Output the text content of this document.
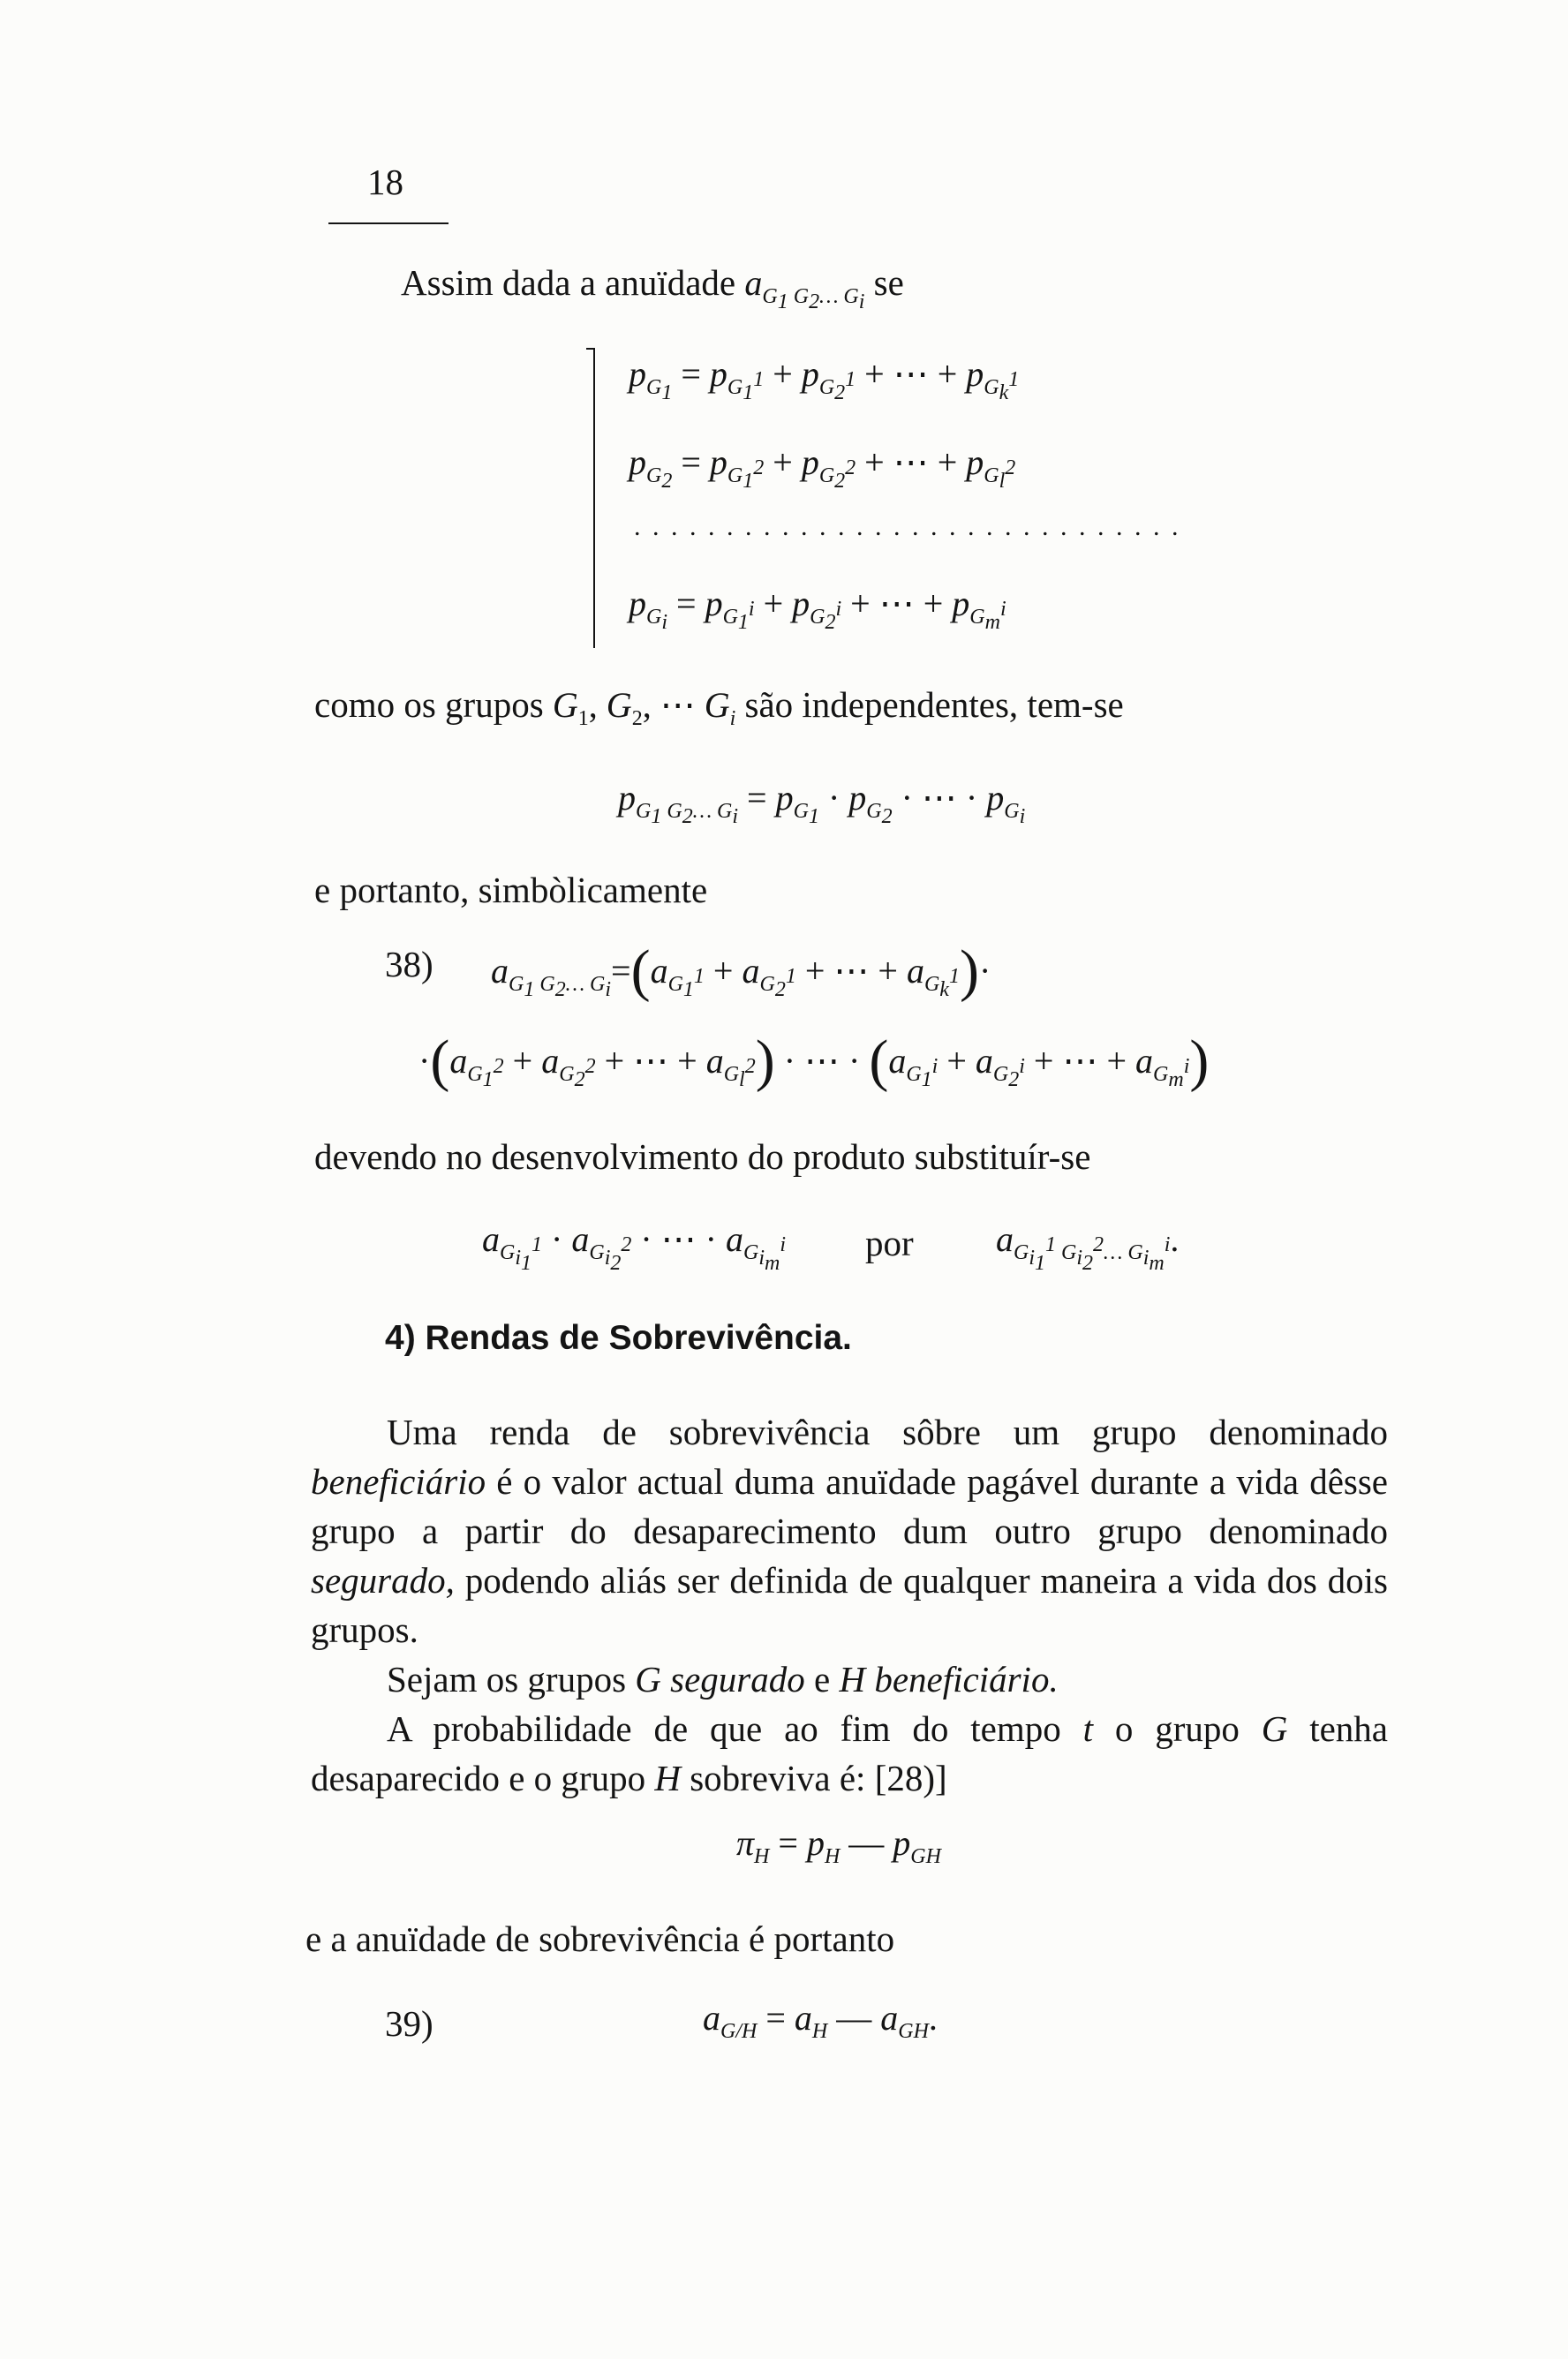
18
Assim dada a anuïdade $a_{G_1 G_2\dots G_i}$ se
$p_{G_1} = p_{G_1^1} + p_{G_2^1}$ + ⋯ + $p_{G_k^1}$
$p_{G_2} = p_{G_1^2} + p_{G_2^2}$ + ⋯ + $p_{G_l^2}$
. . . . . . . . . . . . . . . . . . . . . . . . . . . . . .
$p_{G_i} = p_{G_1^i} + p_{G_2^i}$ + ⋯ + $p_{G_m^i}$
como os grupos $G_1$, $G_2$, ⋯ $G_i$ são independentes, tem-se
$p_{G_1 G_2\dots G_i} = p_{G_1} \cdot p_{G_2}$ · ⋯ · $p_{G_i}$
e portanto, simbòlicamente
38) $a_{G_1 G_2\dots G_i}=(a_{G_1^1} + a_{G_2^1}$ + ⋯ + $a_{G_k^1})\cdot$
$\cdot(a_{G_1^2} + a_{G_2^2}$ + ⋯ + $a_{G_l^2}$) · ⋯ · ($a_{G_1^i} + a_{G_2^i}$ + ⋯ + $a_{G_m^i}$)
devendo no desenvolvimento do produto substituír-se
$a_{G_{i_1}^1} \cdot a_{G_{i_2}^2}$ · ⋯ · $a_{G_{i_m}^i}$ por $a_{G_{i_1}^1 G_{i_2}^2\dots G_{i_m}^i}$.
4) Rendas de Sobrevivência.

Uma renda de sobrevivência sôbre um grupo denominado beneficiário é o valor actual duma anuïdade pagável durante a vida dêsse grupo a partir do desaparecimento dum outro grupo denominado segurado, podendo aliás ser definida de qualquer maneira a vida dos dois grupos.

Sejam os grupos G segurado e H beneficiário.

A probabilidade de que ao fim do tempo t o grupo G tenha desaparecido e o grupo H sobreviva é: [28)]

$\pi_H = p_H$ — $p_{GH}$
e a anuïdade de sobrevivência é portanto
39)	$a_{G/H} = a_H$ — $a_{GH}$.
